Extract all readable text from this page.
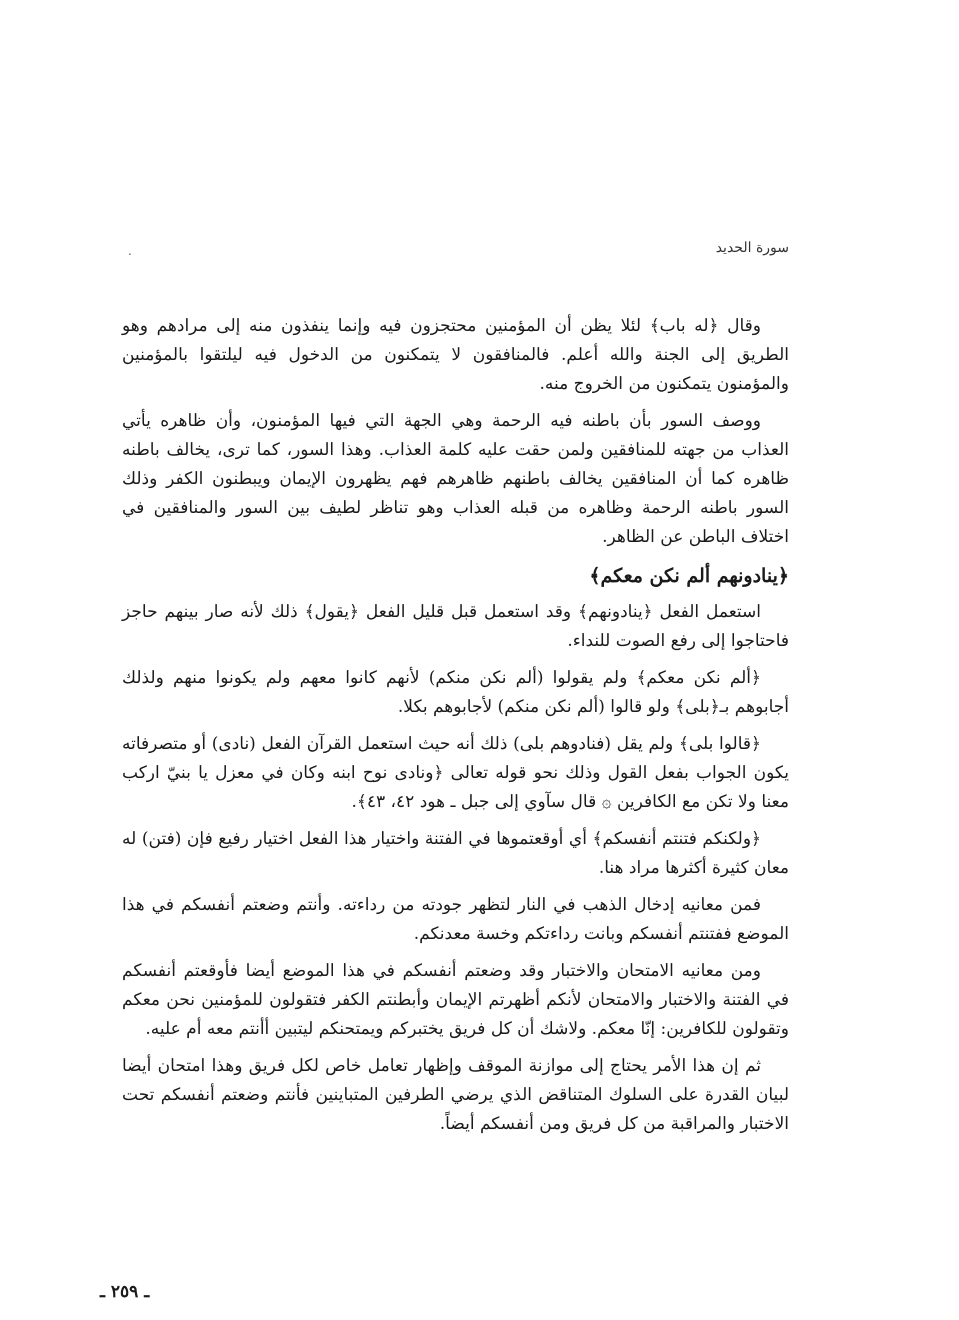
سورة الحديد
.

وقال ﴿له باب﴾ لئلا يظن أن المؤمنين محتجزون فيه وإنما ينفذون منه إلى مرادهم وهو الطريق إلى الجنة والله أعلم. فالمنافقون لا يتمكنون من الدخول فيه ليلتقوا بالمؤمنين والمؤمنون يتمكنون من الخروج منه.

ووصف السور بأن باطنه فيه الرحمة وهي الجهة التي فيها المؤمنون، وأن ظاهره يأتي العذاب من جهته للمنافقين ولمن حقت عليه كلمة العذاب. وهذا السور، كما ترى، يخالف باطنه ظاهره كما أن المنافقين يخالف باطنهم ظاهرهم فهم يظهرون الإيمان ويبطنون الكفر وذلك السور باطنه الرحمة وظاهره من قبله العذاب وهو تناظر لطيف بين السور والمنافقين في اختلاف الباطن عن الظاهر.

﴿ينادونهم ألم نكن معكم﴾

استعمل الفعل ﴿ينادونهم﴾ وقد استعمل قبل قليل الفعل ﴿يقول﴾ ذلك لأنه صار بينهم حاجز فاحتاجوا إلى رفع الصوت للنداء.

﴿ألم نكن معكم﴾ ولم يقولوا (ألم نكن منكم) لأنهم كانوا معهم ولم يكونوا منهم ولذلك أجابوهم بـ﴿بلى﴾ ولو قالوا (ألم نكن منكم) لأجابوهم بكلا.

﴿قالوا بلى﴾ ولم يقل (فنادوهم بلى) ذلك أنه حيث استعمل القرآن الفعل (نادى) أو متصرفاته يكون الجواب بفعل القول وذلك نحو قوله تعالى ﴿ونادى نوح ابنه وكان في معزل يا بنيّ اركب معنا ولا تكن مع الكافرين ۞ قال سآوي إلى جبل ـ هود ٤٢، ٤٣﴾.

﴿ولكنكم فتنتم أنفسكم﴾ أي أوقعتموها في الفتنة واختيار هذا الفعل اختيار رفيع فإن (فتن) له معان كثيرة أكثرها مراد هنا.

فمن معانيه إدخال الذهب في النار لتظهر جودته من رداءته. وأنتم وضعتم أنفسكم في هذا الموضع ففتنتم أنفسكم وبانت رداءتكم وخسة معدنكم.

ومن معانيه الامتحان والاختبار وقد وضعتم أنفسكم في هذا الموضع أيضا فأوقعتم أنفسكم في الفتنة والاختبار والامتحان لأنكم أظهرتم الإيمان وأبطنتم الكفر فتقولون للمؤمنين نحن معكم وتقولون للكافرين: إنّا معكم. ولاشك أن كل فريق يختبركم ويمتحنكم ليتبين أأنتم معه أم عليه.

ثم إن هذا الأمر يحتاج إلى موازنة الموقف وإظهار تعامل خاص لكل فريق وهذا امتحان أيضا لبيان القدرة على السلوك المتناقض الذي يرضي الطرفين المتباينين فأنتم وضعتم أنفسكم تحت الاختبار والمراقبة من كل فريق ومن أنفسكم أيضاً.

ـ ٢٥٩ ـ
